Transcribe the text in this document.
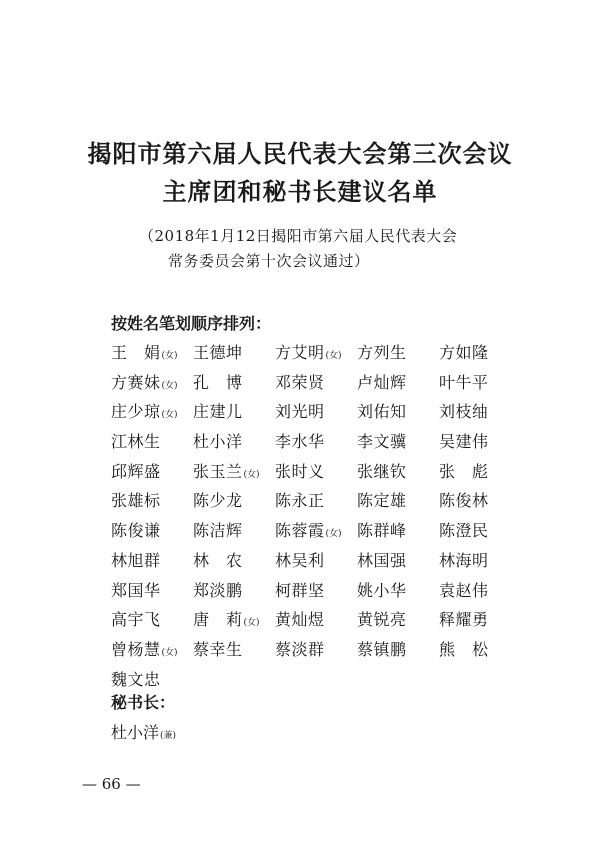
揭阳市第六届人民代表大会第三次会议
主席团和秘书长建议名单

（2018年1月12日揭阳市第六届人民代表大会

常务委员会第十次会议通过）

按姓名笔划顺序排列：
王　娟(女) 王德坤	方艾明(女) 方列生	方如隆
方赛妹(女) 孔　博	邓荣贤	卢灿辉	叶牛平
庄少琼(女) 庄建儿	刘光明	刘佑知	刘枝䌷
江林生	杜小洋	李水华	李文骥	吴建伟
邱辉盛	张玉兰(女) 张时义	张继钦	张　彪
张雄标	陈少龙	陈永正	陈定雄	陈俊林
陈俊谦	陈洁辉	陈蓉霞(女) 陈群峰	陈澄民
林旭群	林　农	林吴利	林国强	林海明
郑国华	郑淡鹏	柯群坚	姚小华	袁赵伟
高宇飞	唐　莉(女) 黄灿煜	黄锐亮	释耀勇
曾杨慧(女) 蔡幸生	蔡淡群	蔡镇鹏	熊　松
魏文忠
秘书长：
杜小洋(兼)
— 66 —
